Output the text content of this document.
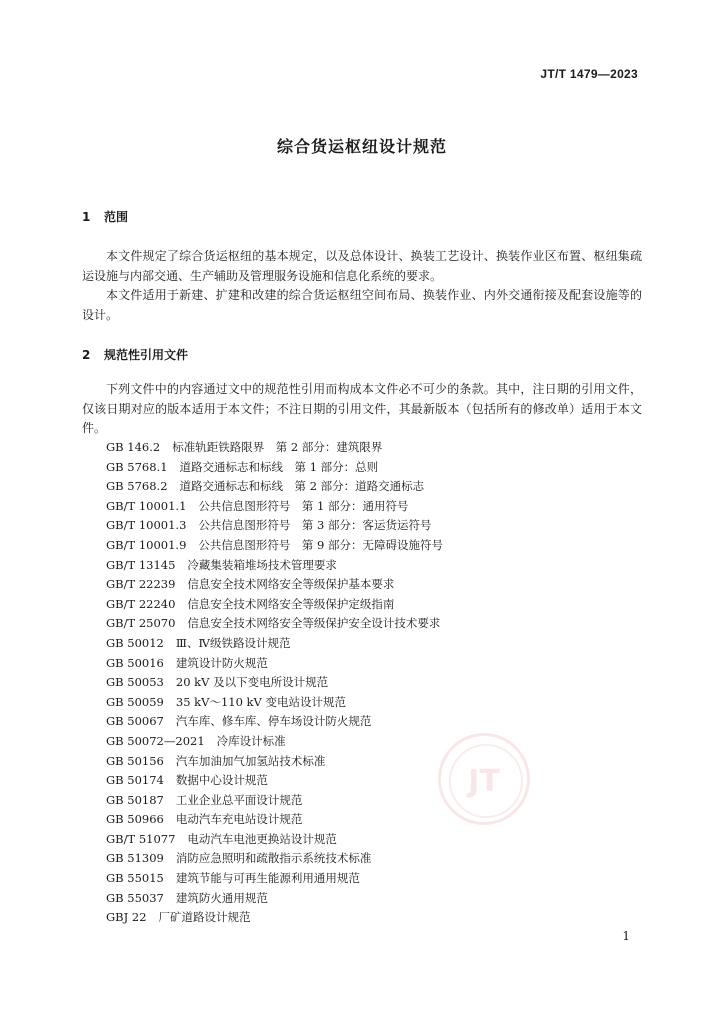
JT/T 1479—2023
综合货运枢纽设计规范
1 范围
本文件规定了综合货运枢纽的基本规定，以及总体设计、换装工艺设计、换装作业区布置、枢纽集疏运设施与内部交通、生产辅助及管理服务设施和信息化系统的要求。
本文件适用于新建、扩建和改建的综合货运枢纽空间布局、换装作业、内外交通衔接及配套设施等的设计。
2 规范性引用文件
下列文件中的内容通过文中的规范性引用而构成本文件必不可少的条款。其中，注日期的引用文件，仅该日期对应的版本适用于本文件；不注日期的引用文件，其最新版本（包括所有的修改单）适用于本文件。
GB 146.2 标准轨距铁路限界　第 2 部分：建筑限界
GB 5768.1 道路交通标志和标线　第 1 部分：总则
GB 5768.2 道路交通标志和标线　第 2 部分：道路交通标志
GB/T 10001.1 公共信息图形符号　第 1 部分：通用符号
GB/T 10001.3 公共信息图形符号　第 3 部分：客运货运符号
GB/T 10001.9 公共信息图形符号　第 9 部分：无障碍设施符号
GB/T 13145 冷藏集装箱堆场技术管理要求
GB/T 22239 信息安全技术网络安全等级保护基本要求
GB/T 22240 信息安全技术网络安全等级保护定级指南
GB/T 25070 信息安全技术网络安全等级保护安全设计技术要求
GB 50012 Ⅲ、Ⅳ级铁路设计规范
GB 50016 建筑设计防火规范
GB 50053 20 kV 及以下变电所设计规范
GB 50059 35 kV～110 kV 变电站设计规范
GB 50067 汽车库、修车库、停车场设计防火规范
GB 50072—2021 冷库设计标准
GB 50156 汽车加油加气加氢站技术标准
GB 50174 数据中心设计规范
GB 50187 工业企业总平面设计规范
GB 50966 电动汽车充电站设计规范
GB/T 51077 电动汽车电池更换站设计规范
GB 51309 消防应急照明和疏散指示系统技术标准
GB 55015 建筑节能与可再生能源利用通用规范
GB 55037 建筑防火通用规范
GBJ 22 厂矿道路设计规范
JT
1
